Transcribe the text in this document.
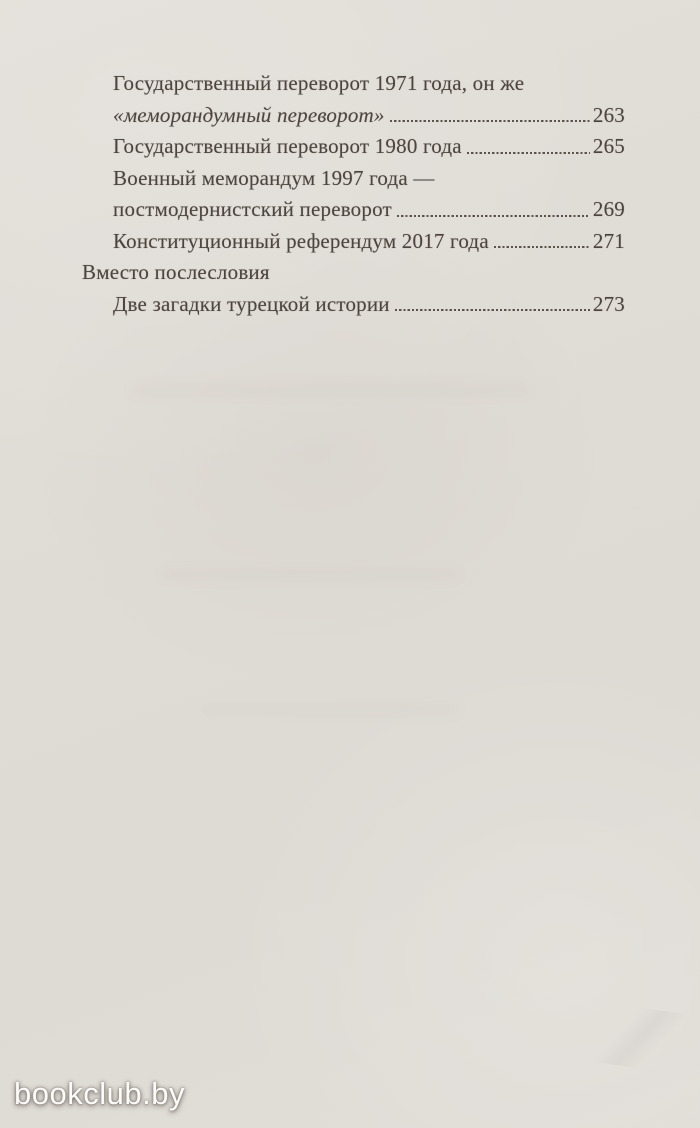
Государственный переворот 1971 года, он же
«меморандумный переворот»	263
Государственный переворот 1980 года	265
Военный меморандум 1997 года —
постмодернистский переворот	269
Конституционный референдум 2017 года	271
Вместо послесловия
Две загадки турецкой истории	273
bookclub.by
